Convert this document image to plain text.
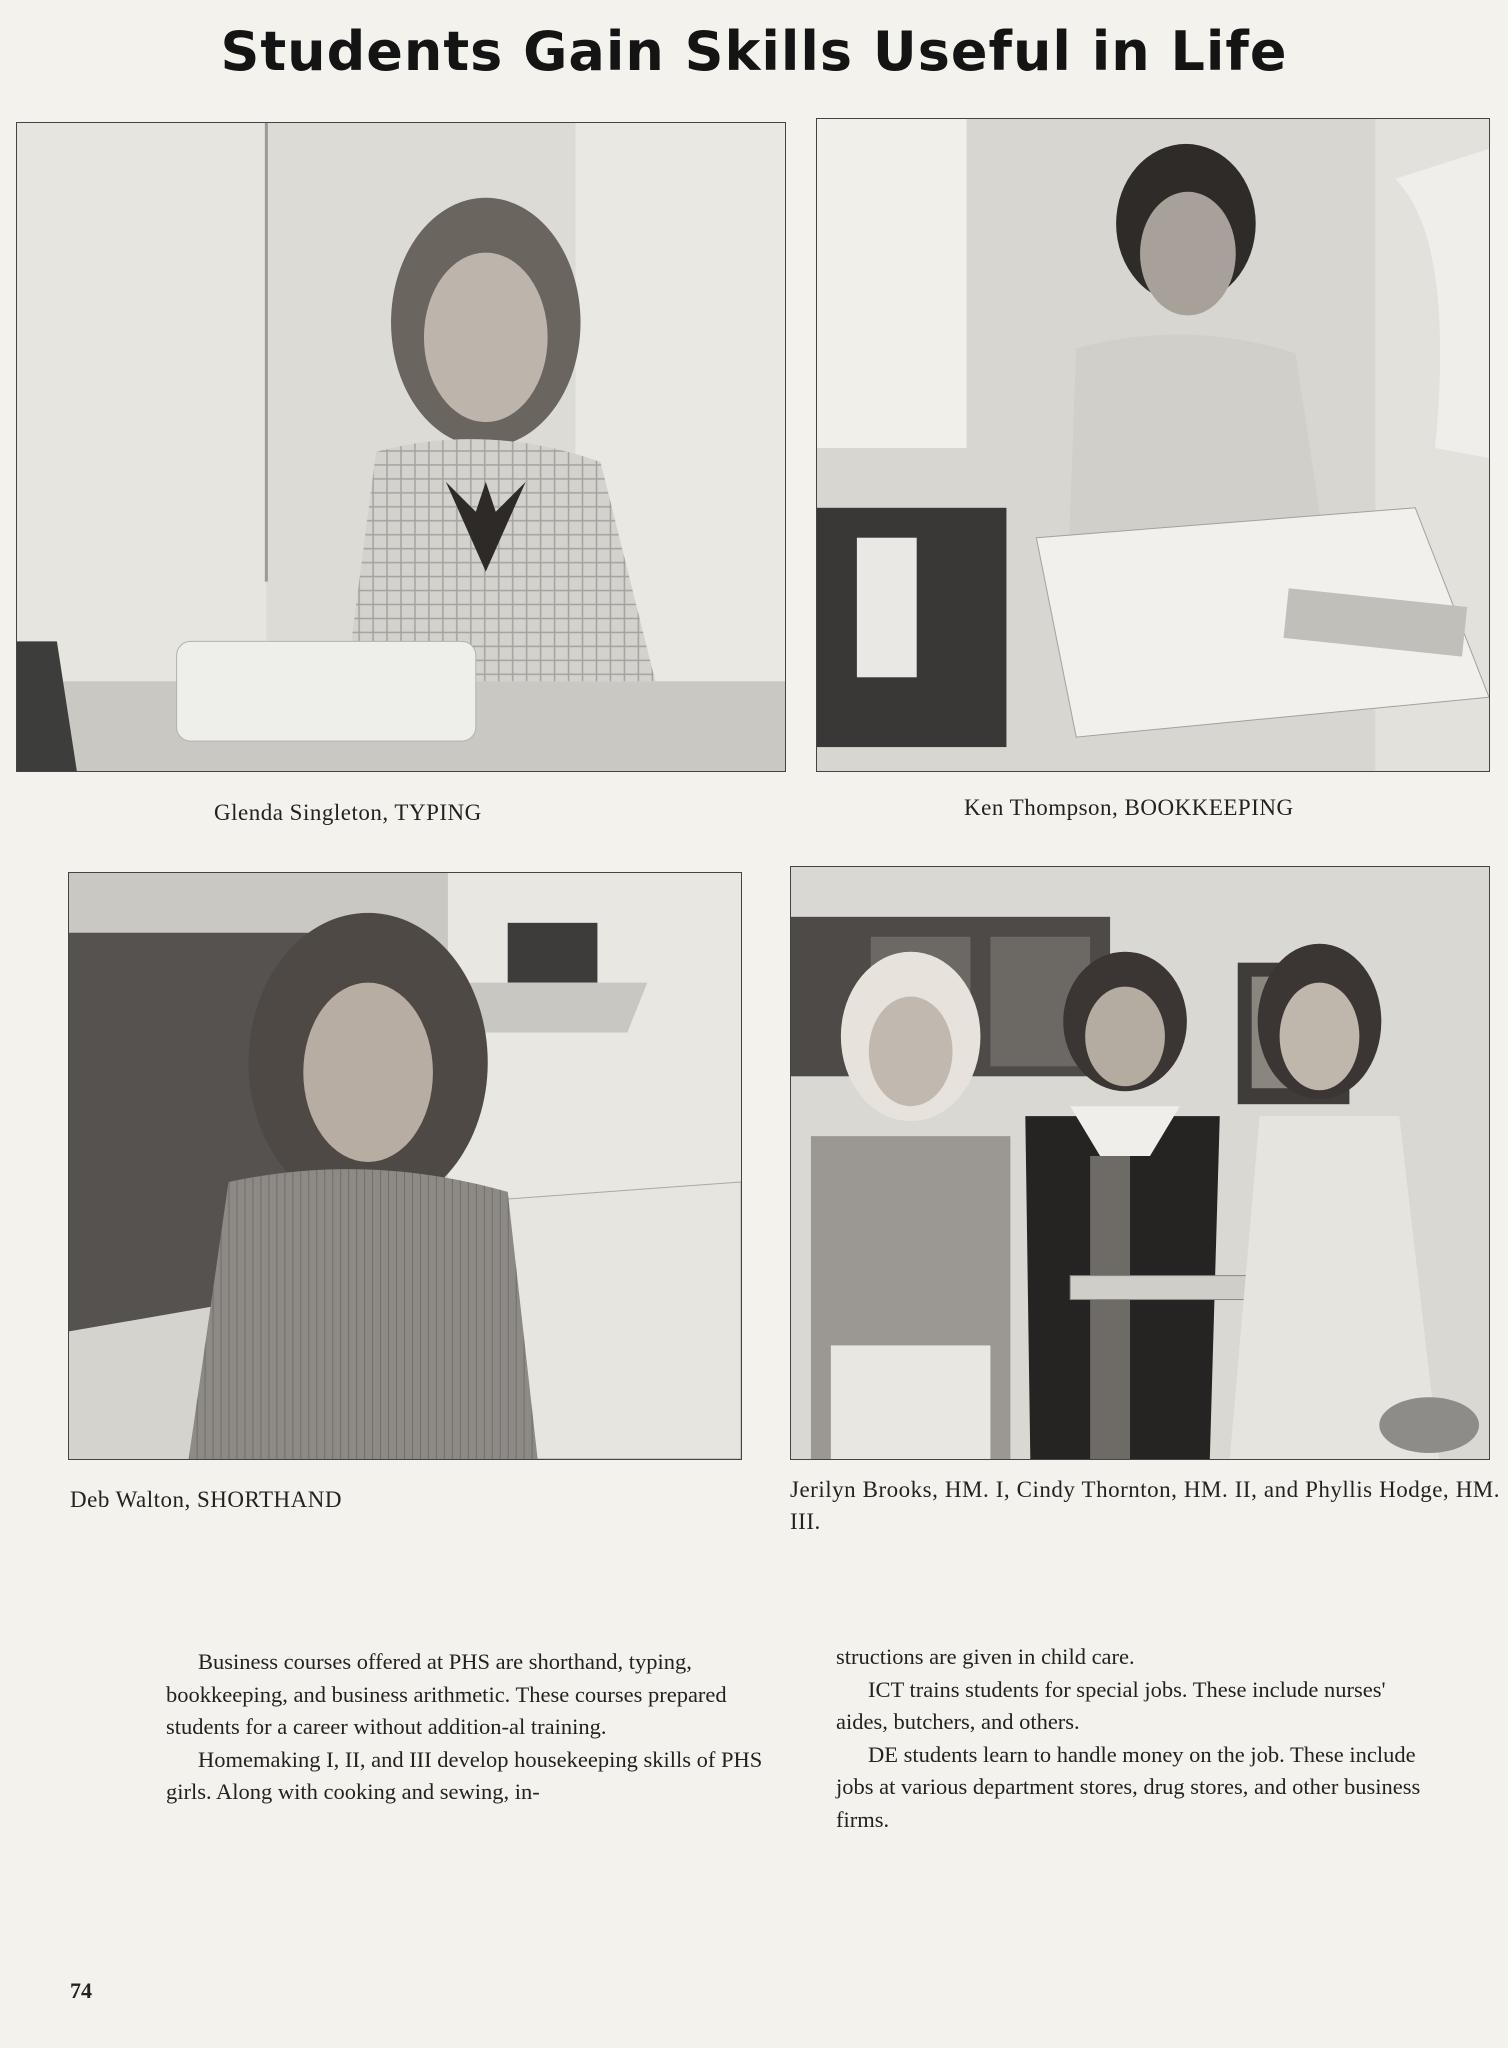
Students Gain Skills Useful in Life
Glenda Singleton, TYPING	Ken Thompson, BOOKKEEPING
Deb Walton, SHORTHAND	Jerilyn Brooks, HM. I, Cindy Thornton, HM. II, and Phyllis Hodge, HM. III.

Business courses offered at PHS are shorthand, typing, bookkeeping, and business arithmetic. These courses prepared students for a career without addition-al training.

Homemaking I, II, and III develop housekeeping skills of PHS girls. Along with cooking and sewing, in-

structions are given in child care.

ICT trains students for special jobs. These include nurses' aides, butchers, and others.

DE students learn to handle money on the job. These include jobs at various department stores, drug stores, and other business firms.

74
